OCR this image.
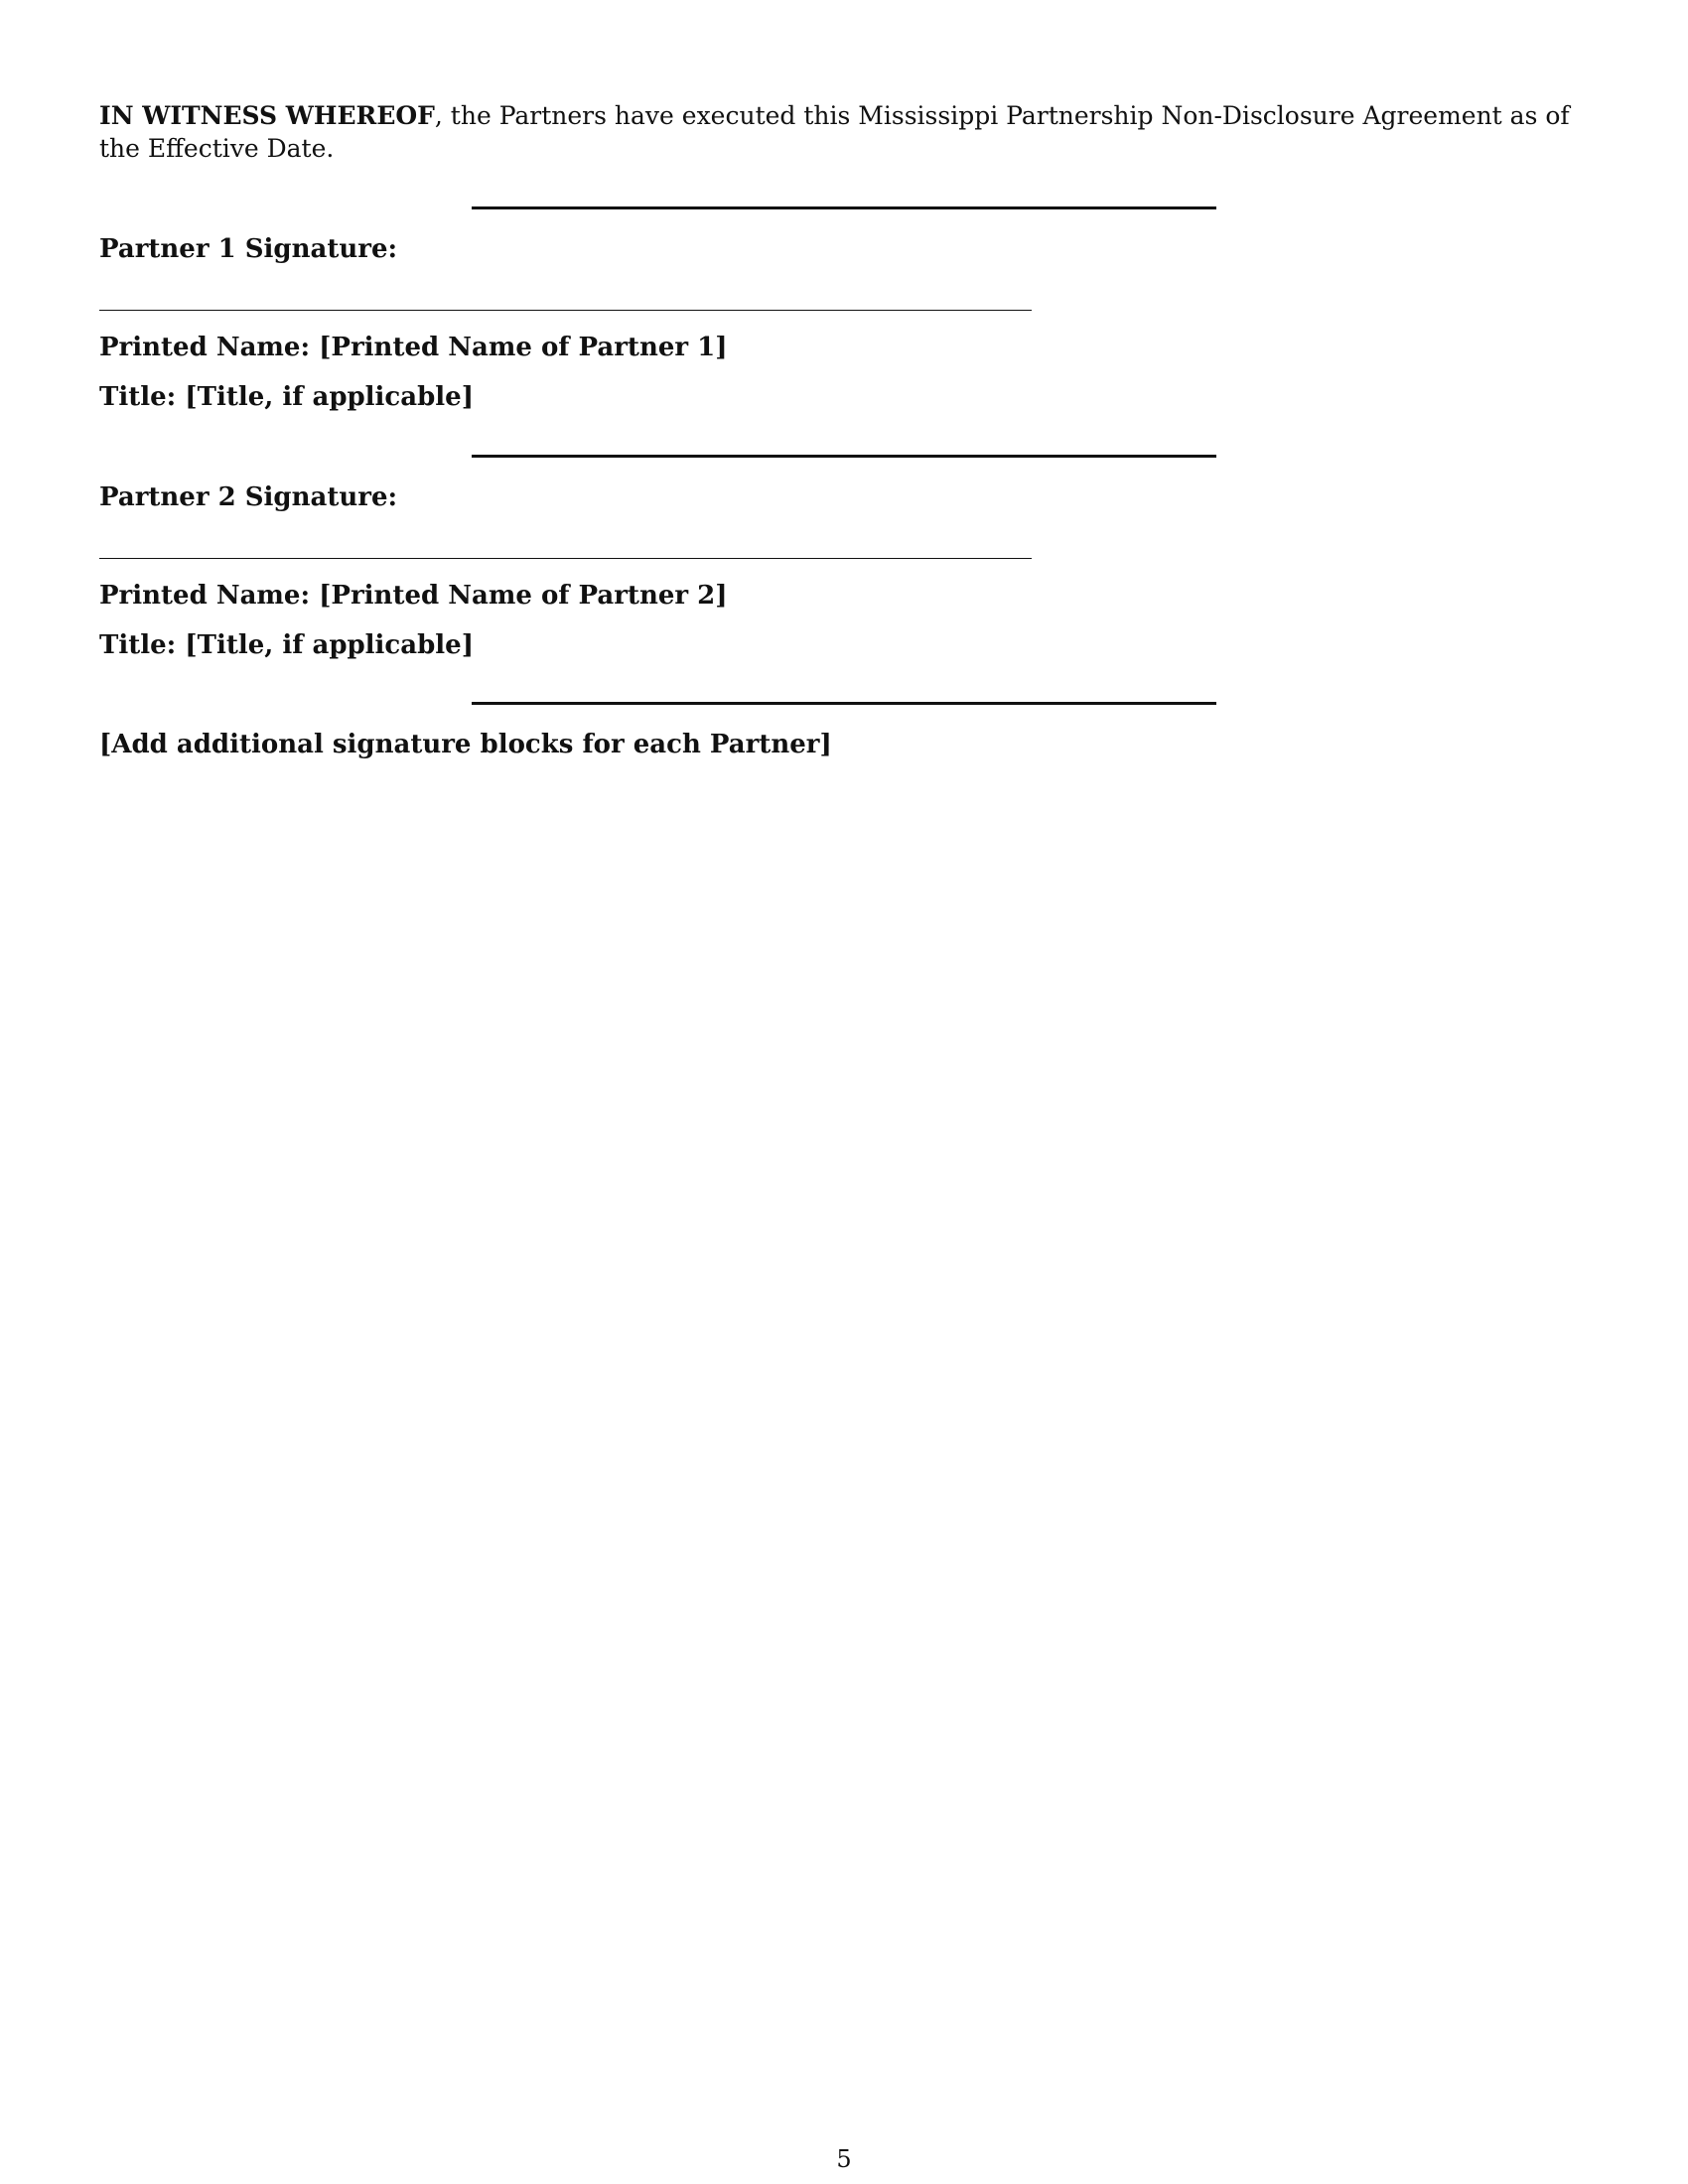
IN WITNESS WHEREOF, the Partners have executed this Mississippi Partnership Non-Disclosure Agreement as of the Effective Date.

Partner 1 Signature:

Printed Name: [Printed Name of Partner 1]

Title: [Title, if applicable]

Partner 2 Signature:

Printed Name: [Printed Name of Partner 2]

Title: [Title, if applicable]

[Add additional signature blocks for each Partner]

5
